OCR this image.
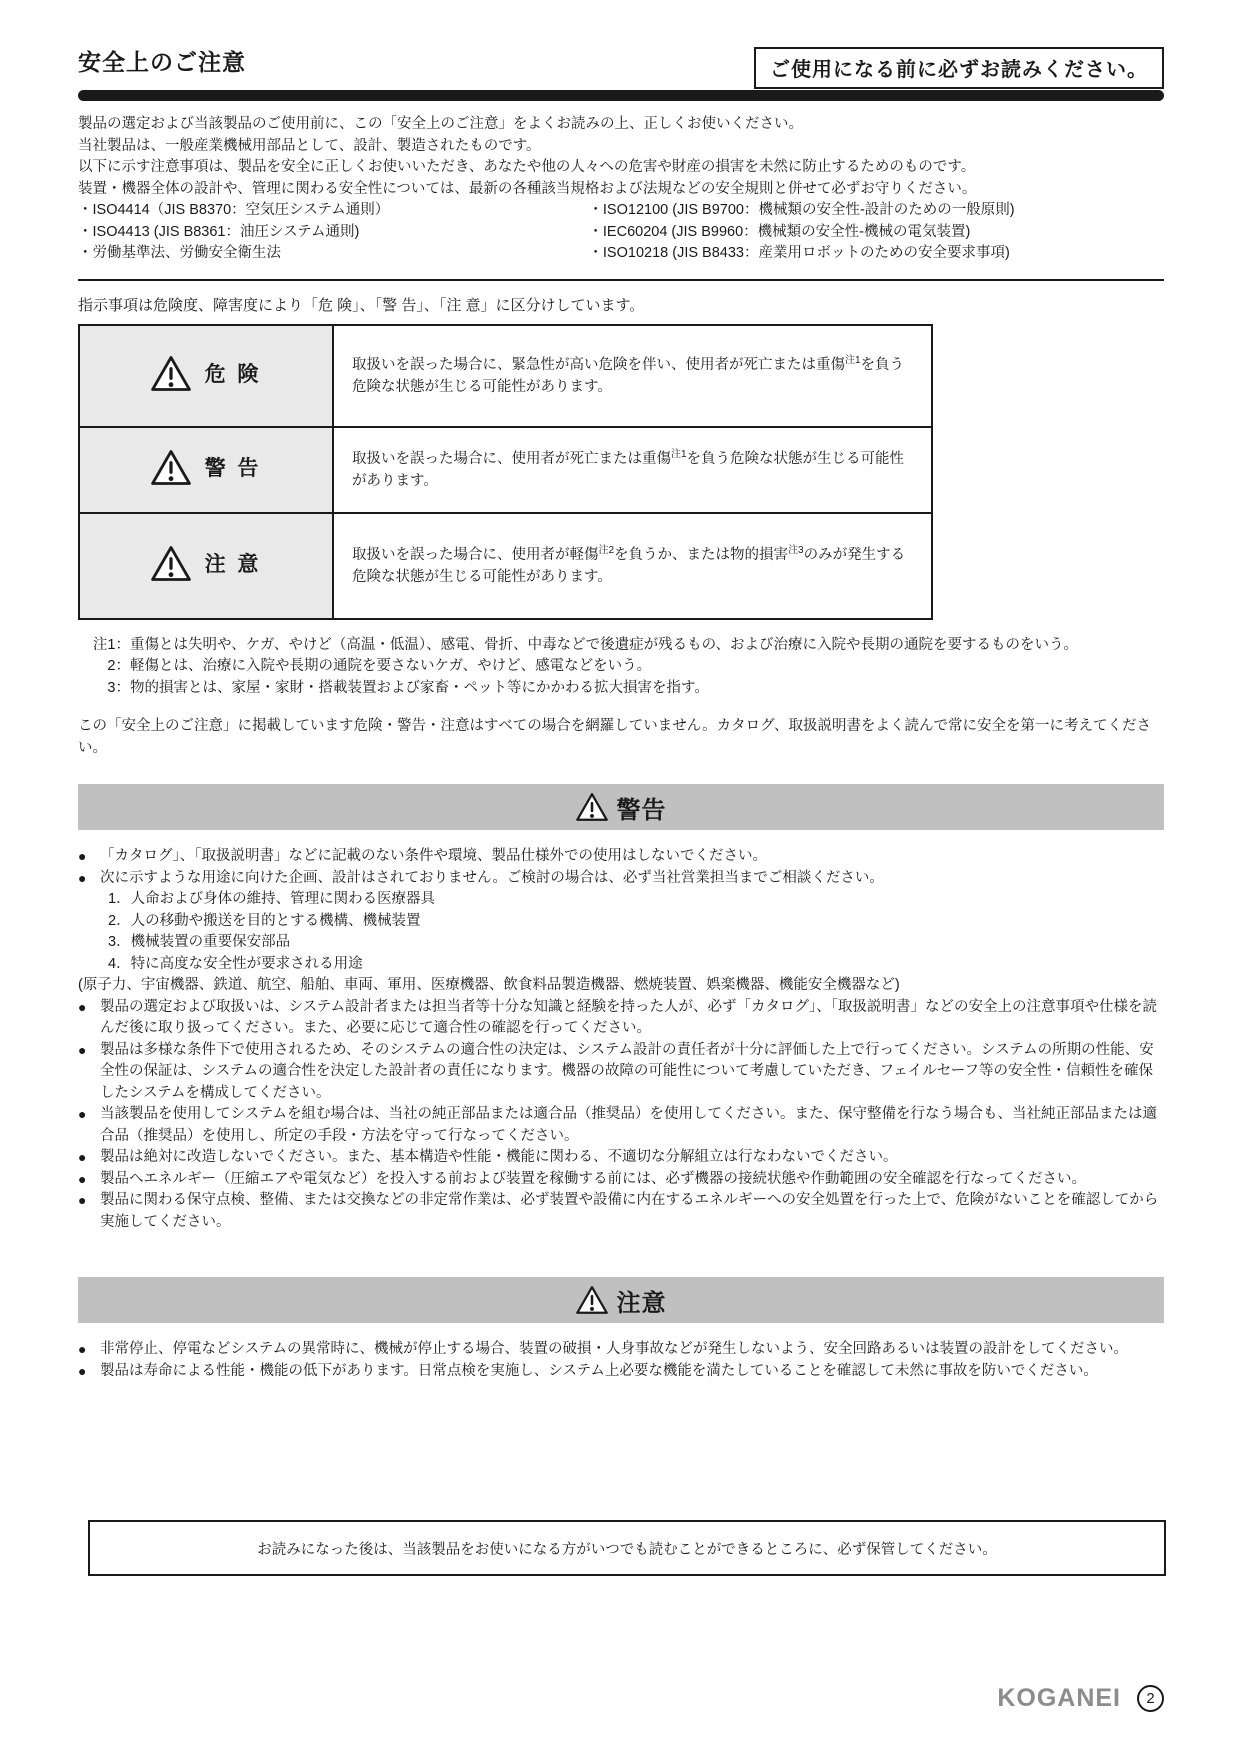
安全上のご注意	ご使用になる前に必ずお読みください。
製品の選定および当該製品のご使用前に、この「安全上のご注意」をよくお読みの上、正しくお使いください。
当社製品は、一般産業機械用部品として、設計、製造されたものです。
以下に示す注意事項は、製品を安全に正しくお使いいただき、あなたや他の人々への危害や財産の損害を未然に防止するためのものです。
装置・機器全体の設計や、管理に関わる安全性については、最新の各種該当規格および法規などの安全規則と併せて必ずお守りください。
・ISO4414（JIS B8370：空気圧システム通則）
・ISO4413 (JIS B8361：油圧システム通則)
・労働基準法、労働安全衛生法
・ISO12100 (JIS B9700：機械類の安全性-設計のための一般原則)
・IEC60204 (JIS B9960：機械類の安全性-機械の電気装置)
・ISO10218 (JIS B8433：産業用ロボットのための安全要求事項)
指示事項は危険度、障害度により「危 険」、「警 告」、「注 意」に区分けしています。
危 険	取扱いを誤った場合に、緊急性が高い危険を伴い、使用者が死亡または重傷$^{注1}$を負う危険な状態が生じる可能性があります。

警 告	取扱いを誤った場合に、使用者が死亡または重傷$^{注1}$を負う危険な状態が生じる可能性があります。

注 意	取扱いを誤った場合に、使用者が軽傷$^{注2}$を負うか、または物的損害$^{注3}$のみが発生する危険な状態が生じる可能性があります。
注1： 重傷とは失明や、ケガ、やけど（高温・低温）、感電、骨折、中毒などで後遺症が残るもの、および治療に入院や長期の通院を要するものをいう。
2： 軽傷とは、治療に入院や長期の通院を要さないケガ、やけど、感電などをいう。
3： 物的損害とは、家屋・家財・搭載装置および家畜・ペット等にかかわる拡大損害を指す。
この「安全上のご注意」に掲載しています危険・警告・注意はすべての場合を網羅していません。カタログ、取扱説明書をよく読んで常に安全を第一に考えてください。
警告
● 「カタログ」、「取扱説明書」などに記載のない条件や環境、製品仕様外での使用はしないでください。
● 次に示すような用途に向けた企画、設計はされておりません。ご検討の場合は、必ず当社営業担当までご相談ください。
1．人命および身体の維持、管理に関わる医療器具
2．人の移動や搬送を目的とする機構、機械装置
3．機械装置の重要保安部品
4．特に高度な安全性が要求される用途
(原子力、宇宙機器、鉄道、航空、船舶、車両、軍用、医療機器、飲食料品製造機器、燃焼装置、娯楽機器、機能安全機器など)
● 製品の選定および取扱いは、システム設計者または担当者等十分な知識と経験を持った人が、必ず「カタログ」、「取扱説明書」などの安全上の注意事項や仕様を読んだ後に取り扱ってください。また、必要に応じて適合性の確認を行ってください。
● 製品は多様な条件下で使用されるため、そのシステムの適合性の決定は、システム設計の責任者が十分に評価した上で行ってください。システムの所期の性能、安全性の保証は、システムの適合性を決定した設計者の責任になります。機器の故障の可能性について考慮していただき、フェイルセーフ等の安全性・信頼性を確保したシステムを構成してください。
● 当該製品を使用してシステムを組む場合は、当社の純正部品または適合品（推奨品）を使用してください。また、保守整備を行なう場合も、当社純正部品または適合品（推奨品）を使用し、所定の手段・方法を守って行なってください。
● 製品は絶対に改造しないでください。また、基本構造や性能・機能に関わる、不適切な分解組立は行なわないでください。
● 製品へエネルギー（圧縮エアや電気など）を投入する前および装置を稼働する前には、必ず機器の接続状態や作動範囲の安全確認を行なってください。
● 製品に関わる保守点検、整備、または交換などの非定常作業は、必ず装置や設備に内在するエネルギーへの安全処置を行った上で、危険がないことを確認してから実施してください。
注意
● 非常停止、停電などシステムの異常時に、機械が停止する場合、装置の破損・人身事故などが発生しないよう、安全回路あるいは装置の設計をしてください。
● 製品は寿命による性能・機能の低下があります。日常点検を実施し、システム上必要な機能を満たしていることを確認して未然に事故を防いでください。
お読みになった後は、当該製品をお使いになる方がいつでも読むことができるところに、必ず保管してください。
KOGANEI	2
